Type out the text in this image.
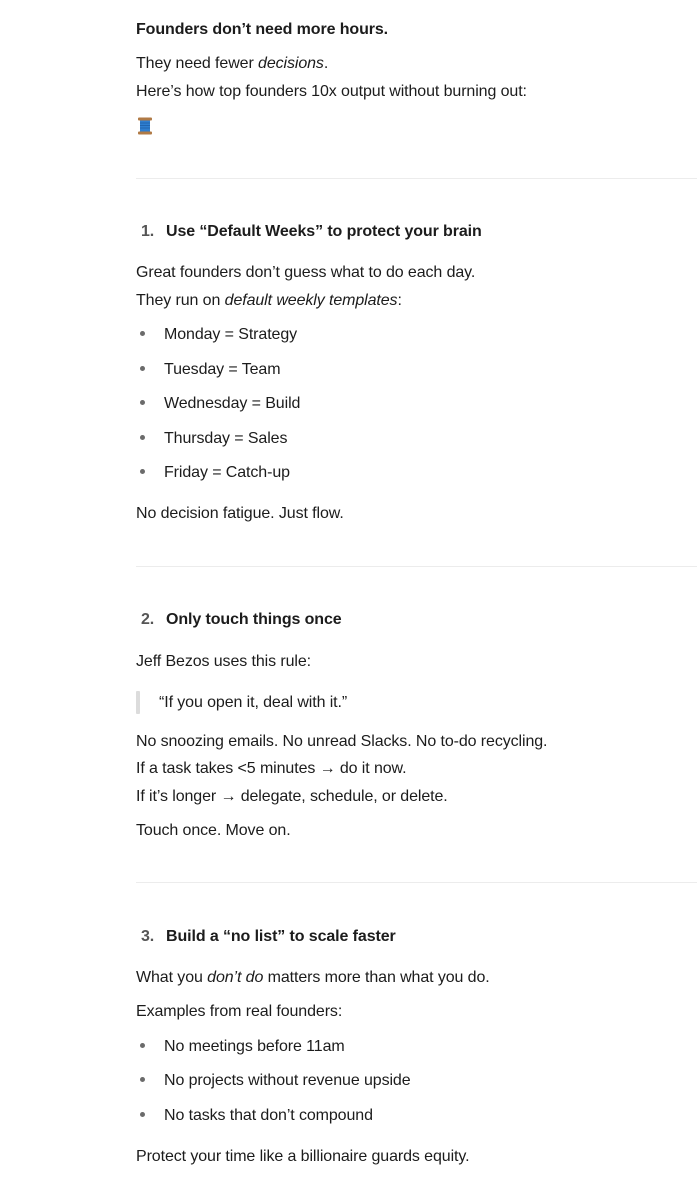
Founders don’t need more hours.

They need fewer decisions.

Here’s how top founders 10x output without burning out:

1. Use “Default Weeks” to protect your brain

Great founders don’t guess what to do each day.

They run on default weekly templates:

Monday = Strategy
Tuesday = Team
Wednesday = Build
Thursday = Sales
Friday = Catch-up

No decision fatigue. Just flow.

2. Only touch things once

Jeff Bezos uses this rule:

“If you open it, deal with it.”

No snoozing emails. No unread Slacks. No to-do recycling.

If a task takes <5 minutes → do it now.

If it’s longer → delegate, schedule, or delete.

Touch once. Move on.

3. Build a “no list” to scale faster

What you don’t do matters more than what you do.

Examples from real founders:

No meetings before 11am
No projects without revenue upside
No tasks that don’t compound

Protect your time like a billionaire guards equity.
